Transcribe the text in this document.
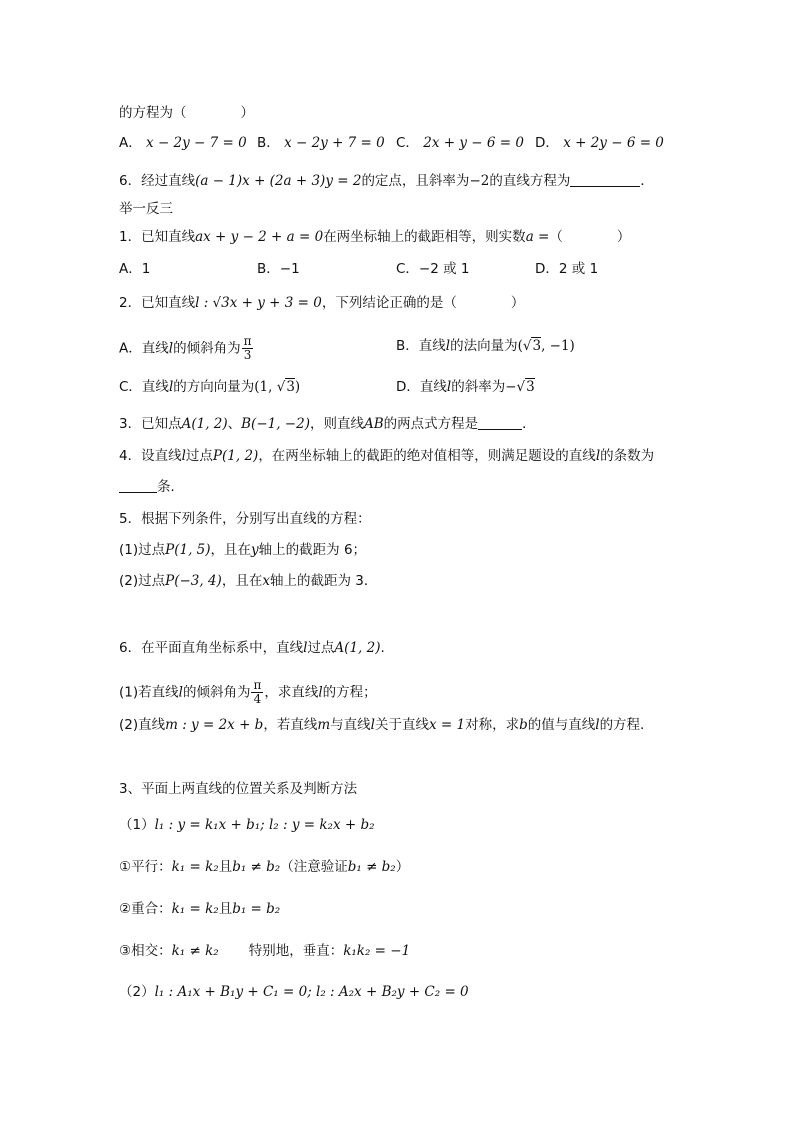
的方程为（　　　　）
A． x − 2y − 7 = 0 B． x − 2y + 7 = 0 C． 2x + y − 6 = 0 D． x + 2y − 6 = 0
6．经过直线(a − 1)x + (2a + 3)y = 2的定点，且斜率为−2的直线方程为	．
举一反三
1．已知直线ax + y − 2 + a = 0在两坐标轴上的截距相等，则实数a =（　　　　）
A．1	B．−1	C．−2 或 1	D．2 或 1
2．已知直线l : √3x + y + 3 = 0，下列结论正确的是（　　　　）
A．直线l的倾斜角为 $\frac{\pi}{3}$	B．直线l的法向量为(√3, −1)
C．直线l的方向向量为(1, √3)	D．直线l的斜率为−√3
3．已知点A(1, 2)、B(−1, −2)，则直线AB的两点式方程是	．
4．设直线l过点P(1, 2)，在两坐标轴上的截距的绝对值相等，则满足题设的直线l的条数为
条．
5．根据下列条件，分别写出直线的方程：
(1)过点P(1, 5)，且在y轴上的截距为 6；
(2)过点P(−3, 4)，且在x轴上的截距为 3．
6．在平面直角坐标系中，直线l过点A(1, 2).
(1)若直线l的倾斜角为 $\frac{\pi}{4}$ ，求直线l的方程；
(2)直线m : y = 2x + b，若直线m与直线l关于直线x = 1对称，求b的值与直线l的方程.
3、平面上两直线的位置关系及判断方法
（1）l₁ : y = k₁x + b₁; l₂ : y = k₂x + b₂
①平行：k₁ = k₂且b₁ ≠ b₂（注意验证b₁ ≠ b₂）
②重合：k₁ = k₂且b₁ = b₂
③相交：k₁ ≠ k₂ 特别地，垂直：k₁k₂ = −1
（2）l₁ : A₁x + B₁y + C₁ = 0; l₂ : A₂x + B₂y + C₂ = 0
